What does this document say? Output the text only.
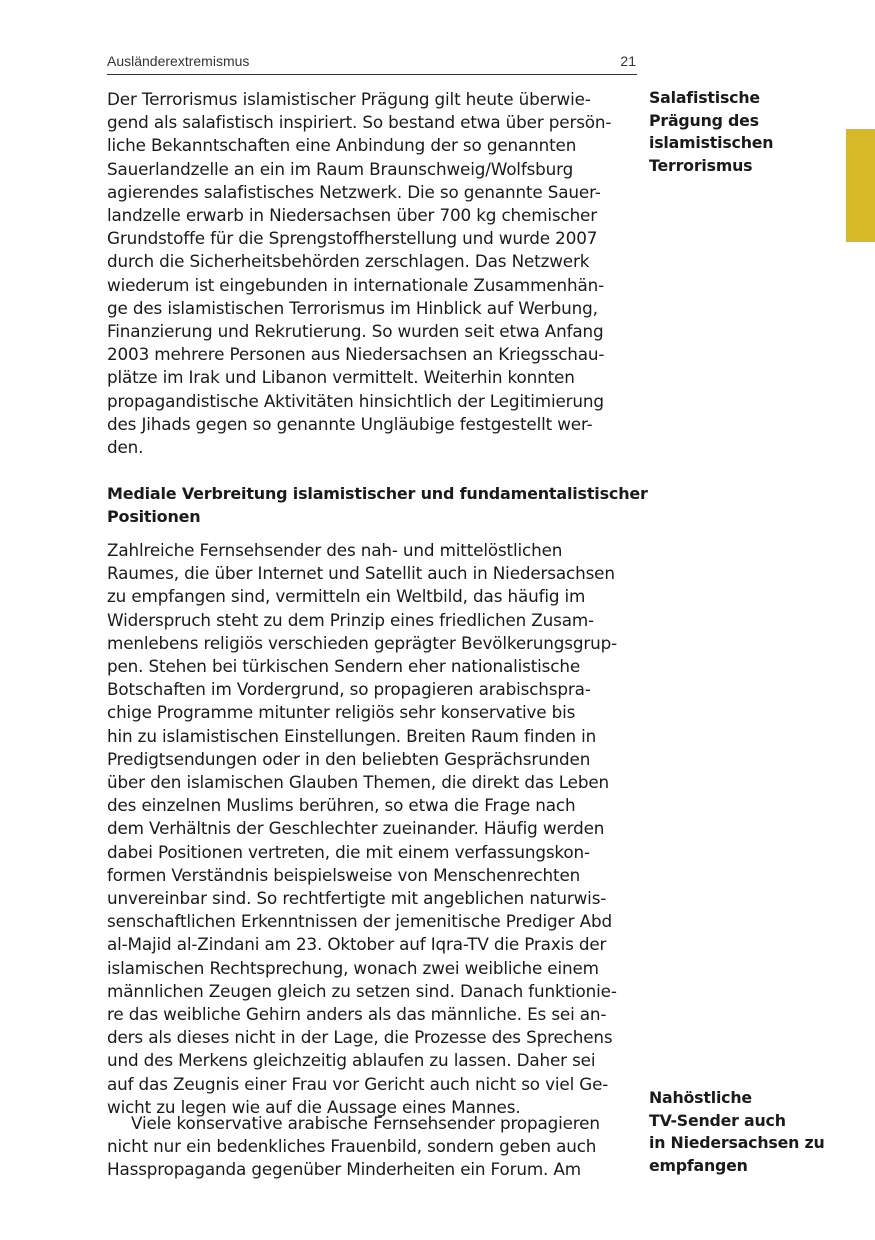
Ausländerextremismus	21
Der Terrorismus islamistischer Prägung gilt heute überwie-
gend als salafistisch inspiriert. So bestand etwa über persön-
liche Bekanntschaften eine Anbindung der so genannten
Sauerlandzelle an ein im Raum Braunschweig/Wolfsburg
agierendes salafistisches Netzwerk. Die so genannte Sauer-
landzelle erwarb in Niedersachsen über 700 kg chemischer
Grundstoffe für die Sprengstoffherstellung und wurde 2007
durch die Sicherheitsbehörden zerschlagen. Das Netzwerk
wiederum ist eingebunden in internationale Zusammenhän-
ge des islamistischen Terrorismus im Hinblick auf Werbung,
Finanzierung und Rekrutierung. So wurden seit etwa Anfang
2003 mehrere Personen aus Niedersachsen an Kriegsschau-
plätze im Irak und Libanon vermittelt. Weiterhin konnten
propagandistische Aktivitäten hinsichtlich der Legitimierung
des Jihads gegen so genannte Ungläubige festgestellt wer-
den.
Mediale Verbreitung islamistischer und fundamentalistischer
Positionen
Zahlreiche Fernsehsender des nah- und mittelöstlichen
Raumes, die über Internet und Satellit auch in Niedersachsen
zu empfangen sind, vermitteln ein Weltbild, das häufig im
Widerspruch steht zu dem Prinzip eines friedlichen Zusam-
menlebens religiös verschieden geprägter Bevölkerungsgrup-
pen. Stehen bei türkischen Sendern eher nationalistische
Botschaften im Vordergrund, so propagieren arabischspra-
chige Programme mitunter religiös sehr konservative bis
hin zu islamistischen Einstellungen. Breiten Raum finden in
Predigtsendungen oder in den beliebten Gesprächsrunden
über den islamischen Glauben Themen, die direkt das Leben
des einzelnen Muslims berühren, so etwa die Frage nach
dem Verhältnis der Geschlechter zueinander. Häufig werden
dabei Positionen vertreten, die mit einem verfassungskon-
formen Verständnis beispielsweise von Menschenrechten
unvereinbar sind. So rechtfertigte mit angeblichen naturwis-
senschaftlichen Erkenntnissen der jemenitische Prediger Abd
al-Majid al-Zindani am 23. Oktober auf Iqra-TV die Praxis der
islamischen Rechtsprechung, wonach zwei weibliche einem
männlichen Zeugen gleich zu setzen sind. Danach funktionie-
re das weibliche Gehirn anders als das männliche. Es sei an-
ders als dieses nicht in der Lage, die Prozesse des Sprechens
und des Merkens gleichzeitig ablaufen zu lassen. Daher sei
auf das Zeugnis einer Frau vor Gericht auch nicht so viel Ge-
wicht zu legen wie auf die Aussage eines Mannes.
Viele konservative arabische Fernsehsender propagieren
nicht nur ein bedenkliches Frauenbild, sondern geben auch
Hasspropaganda gegenüber Minderheiten ein Forum. Am
Salafistische
Prägung des
islamistischen
Terrorismus
Nahöstliche
TV-Sender auch
in Niedersachsen zu
empfangen
